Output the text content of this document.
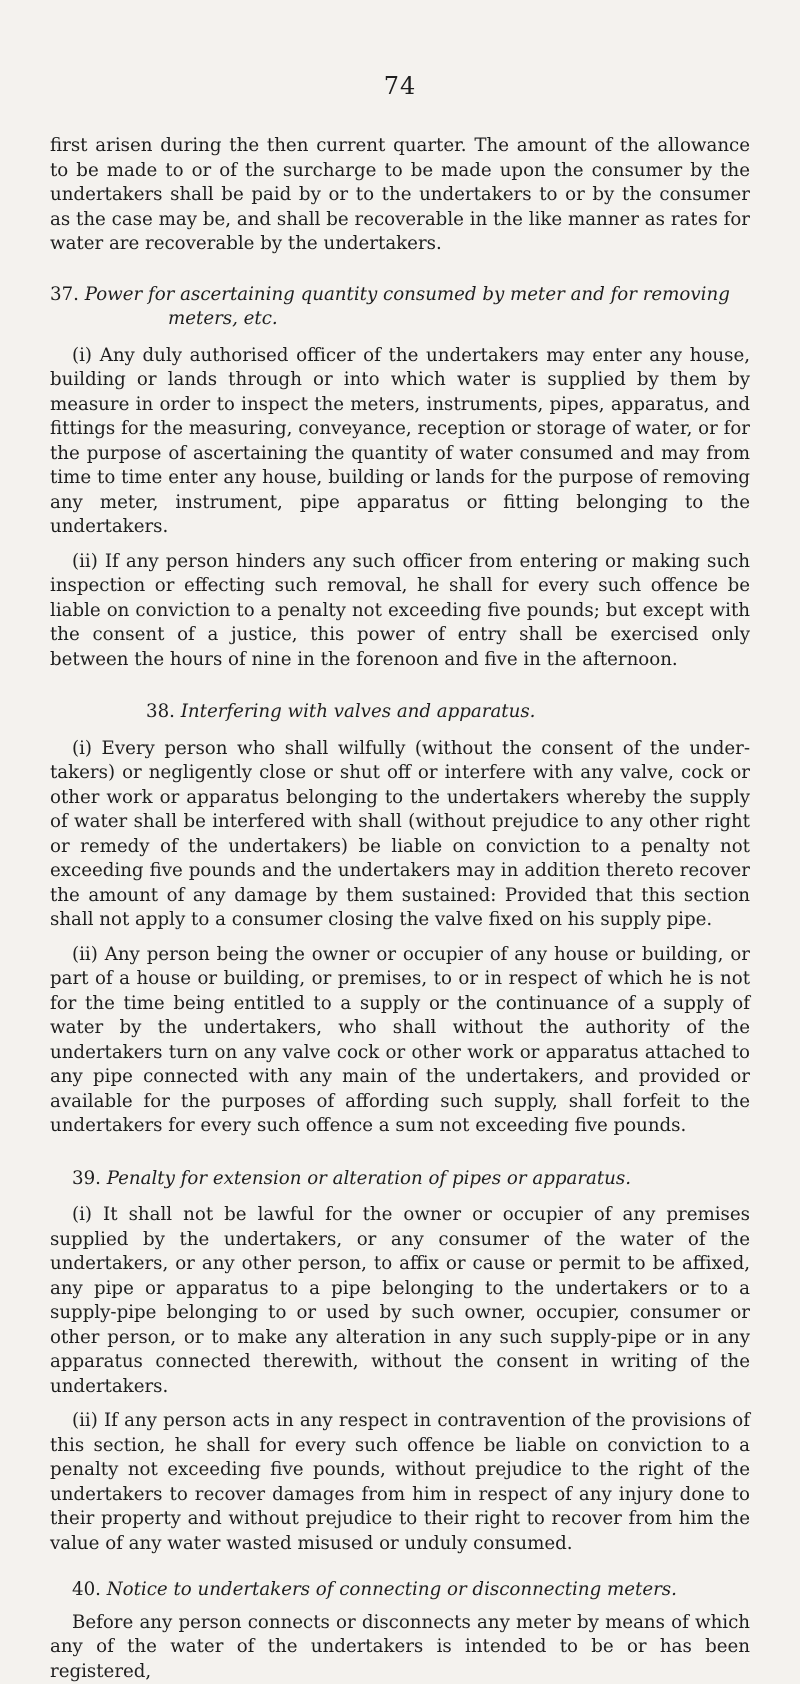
74

first arisen during the then current quarter. The amount of the allowance to be made to or of the surcharge to be made upon the consumer by the undertakers shall be paid by or to the undertakers to or by the consumer as the case may be, and shall be recoverable in the like manner as rates for water are recoverable by the undertakers.

37. Power for ascertaining quantity consumed by meter and for removing
meters, etc.

(i) Any duly authorised officer of the undertakers may enter any house, building or lands through or into which water is supplied by them by measure in order to inspect the meters, instruments, pipes, apparatus, and fittings for the measuring, conveyance, reception or storage of water, or for the purpose of ascertaining the quantity of water consumed and may from time to time enter any house, building or lands for the purpose of removing any meter, instrument, pipe apparatus or fitting belonging to the undertakers.

(ii) If any person hinders any such officer from entering or making such inspection or effecting such removal, he shall for every such offence be liable on conviction to a penalty not exceeding five pounds; but except with the consent of a justice, this power of entry shall be exercised only between the hours of nine in the forenoon and five in the afternoon.

38. Interfering with valves and apparatus.

(i) Every person who shall wilfully (without the consent of the under-takers) or negligently close or shut off or interfere with any valve, cock or other work or apparatus belonging to the undertakers whereby the supply of water shall be interfered with shall (without prejudice to any other right or remedy of the undertakers) be liable on conviction to a penalty not exceeding five pounds and the undertakers may in addition thereto recover the amount of any damage by them sustained: Provided that this section shall not apply to a consumer closing the valve fixed on his supply pipe.

(ii) Any person being the owner or occupier of any house or building, or part of a house or building, or premises, to or in respect of which he is not for the time being entitled to a supply or the continuance of a supply of water by the undertakers, who shall without the authority of the undertakers turn on any valve cock or other work or apparatus attached to any pipe connected with any main of the undertakers, and provided or available for the purposes of affording such supply, shall forfeit to the undertakers for every such offence a sum not exceeding five pounds.

39. Penalty for extension or alteration of pipes or apparatus.

(i) It shall not be lawful for the owner or occupier of any premises supplied by the undertakers, or any consumer of the water of the undertakers, or any other person, to affix or cause or permit to be affixed, any pipe or apparatus to a pipe belonging to the undertakers or to a supply-pipe belonging to or used by such owner, occupier, consumer or other person, or to make any alteration in any such supply-pipe or in any apparatus connected therewith, without the consent in writing of the undertakers.

(ii) If any person acts in any respect in contravention of the provisions of this section, he shall for every such offence be liable on conviction to a penalty not exceeding five pounds, without prejudice to the right of the undertakers to recover damages from him in respect of any injury done to their property and without prejudice to their right to recover from him the value of any water wasted misused or unduly consumed.

40. Notice to undertakers of connecting or disconnecting meters.

Before any person connects or disconnects any meter by means of which any of the water of the undertakers is intended to be or has been registered,
